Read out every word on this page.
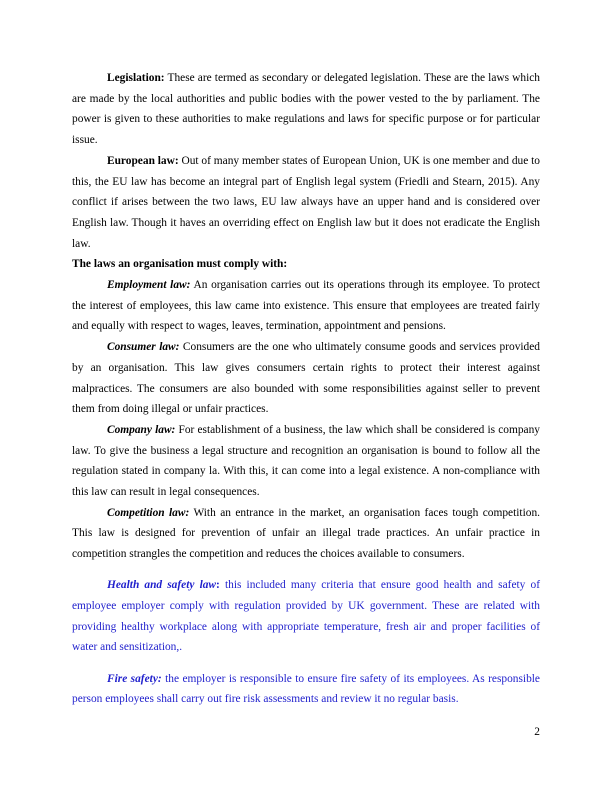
Legislation: These are termed as secondary or delegated legislation. These are the laws which are made by the local authorities and public bodies with the power vested to the by parliament. The power is given to these authorities to make regulations and laws for specific purpose or for particular issue.

European law: Out of many member states of European Union, UK is one member and due to this, the EU law has become an integral part of English legal system (Friedli and Stearn, 2015). Any conflict if arises between the two laws, EU law always have an upper hand and is considered over English law. Though it haves an overriding effect on English law but it does not eradicate the English law.

The laws an organisation must comply with:

Employment law: An organisation carries out its operations through its employee. To protect the interest of employees, this law came into existence. This ensure that employees are treated fairly and equally with respect to wages, leaves, termination, appointment and pensions.

Consumer law: Consumers are the one who ultimately consume goods and services provided by an organisation. This law gives consumers certain rights to protect their interest against malpractices. The consumers are also bounded with some responsibilities against seller to prevent them from doing illegal or unfair practices.

Company law: For establishment of a business, the law which shall be considered is company law. To give the business a legal structure and recognition an organisation is bound to follow all the regulation stated in company la. With this, it can come into a legal existence. A non-compliance with this law can result in legal consequences.

Competition law: With an entrance in the market, an organisation faces tough competition. This law is designed for prevention of unfair an illegal trade practices. An unfair practice in competition strangles the competition and reduces the choices available to consumers.

Health and safety law: this included many criteria that ensure good health and safety of employee employer comply with regulation provided by UK government. These are related with providing healthy workplace along with appropriate temperature, fresh air and proper facilities of water and sensitization,.

Fire safety: the employer is responsible to ensure fire safety of its employees. As responsible person employees shall carry out fire risk assessments and review it no regular basis.

2
